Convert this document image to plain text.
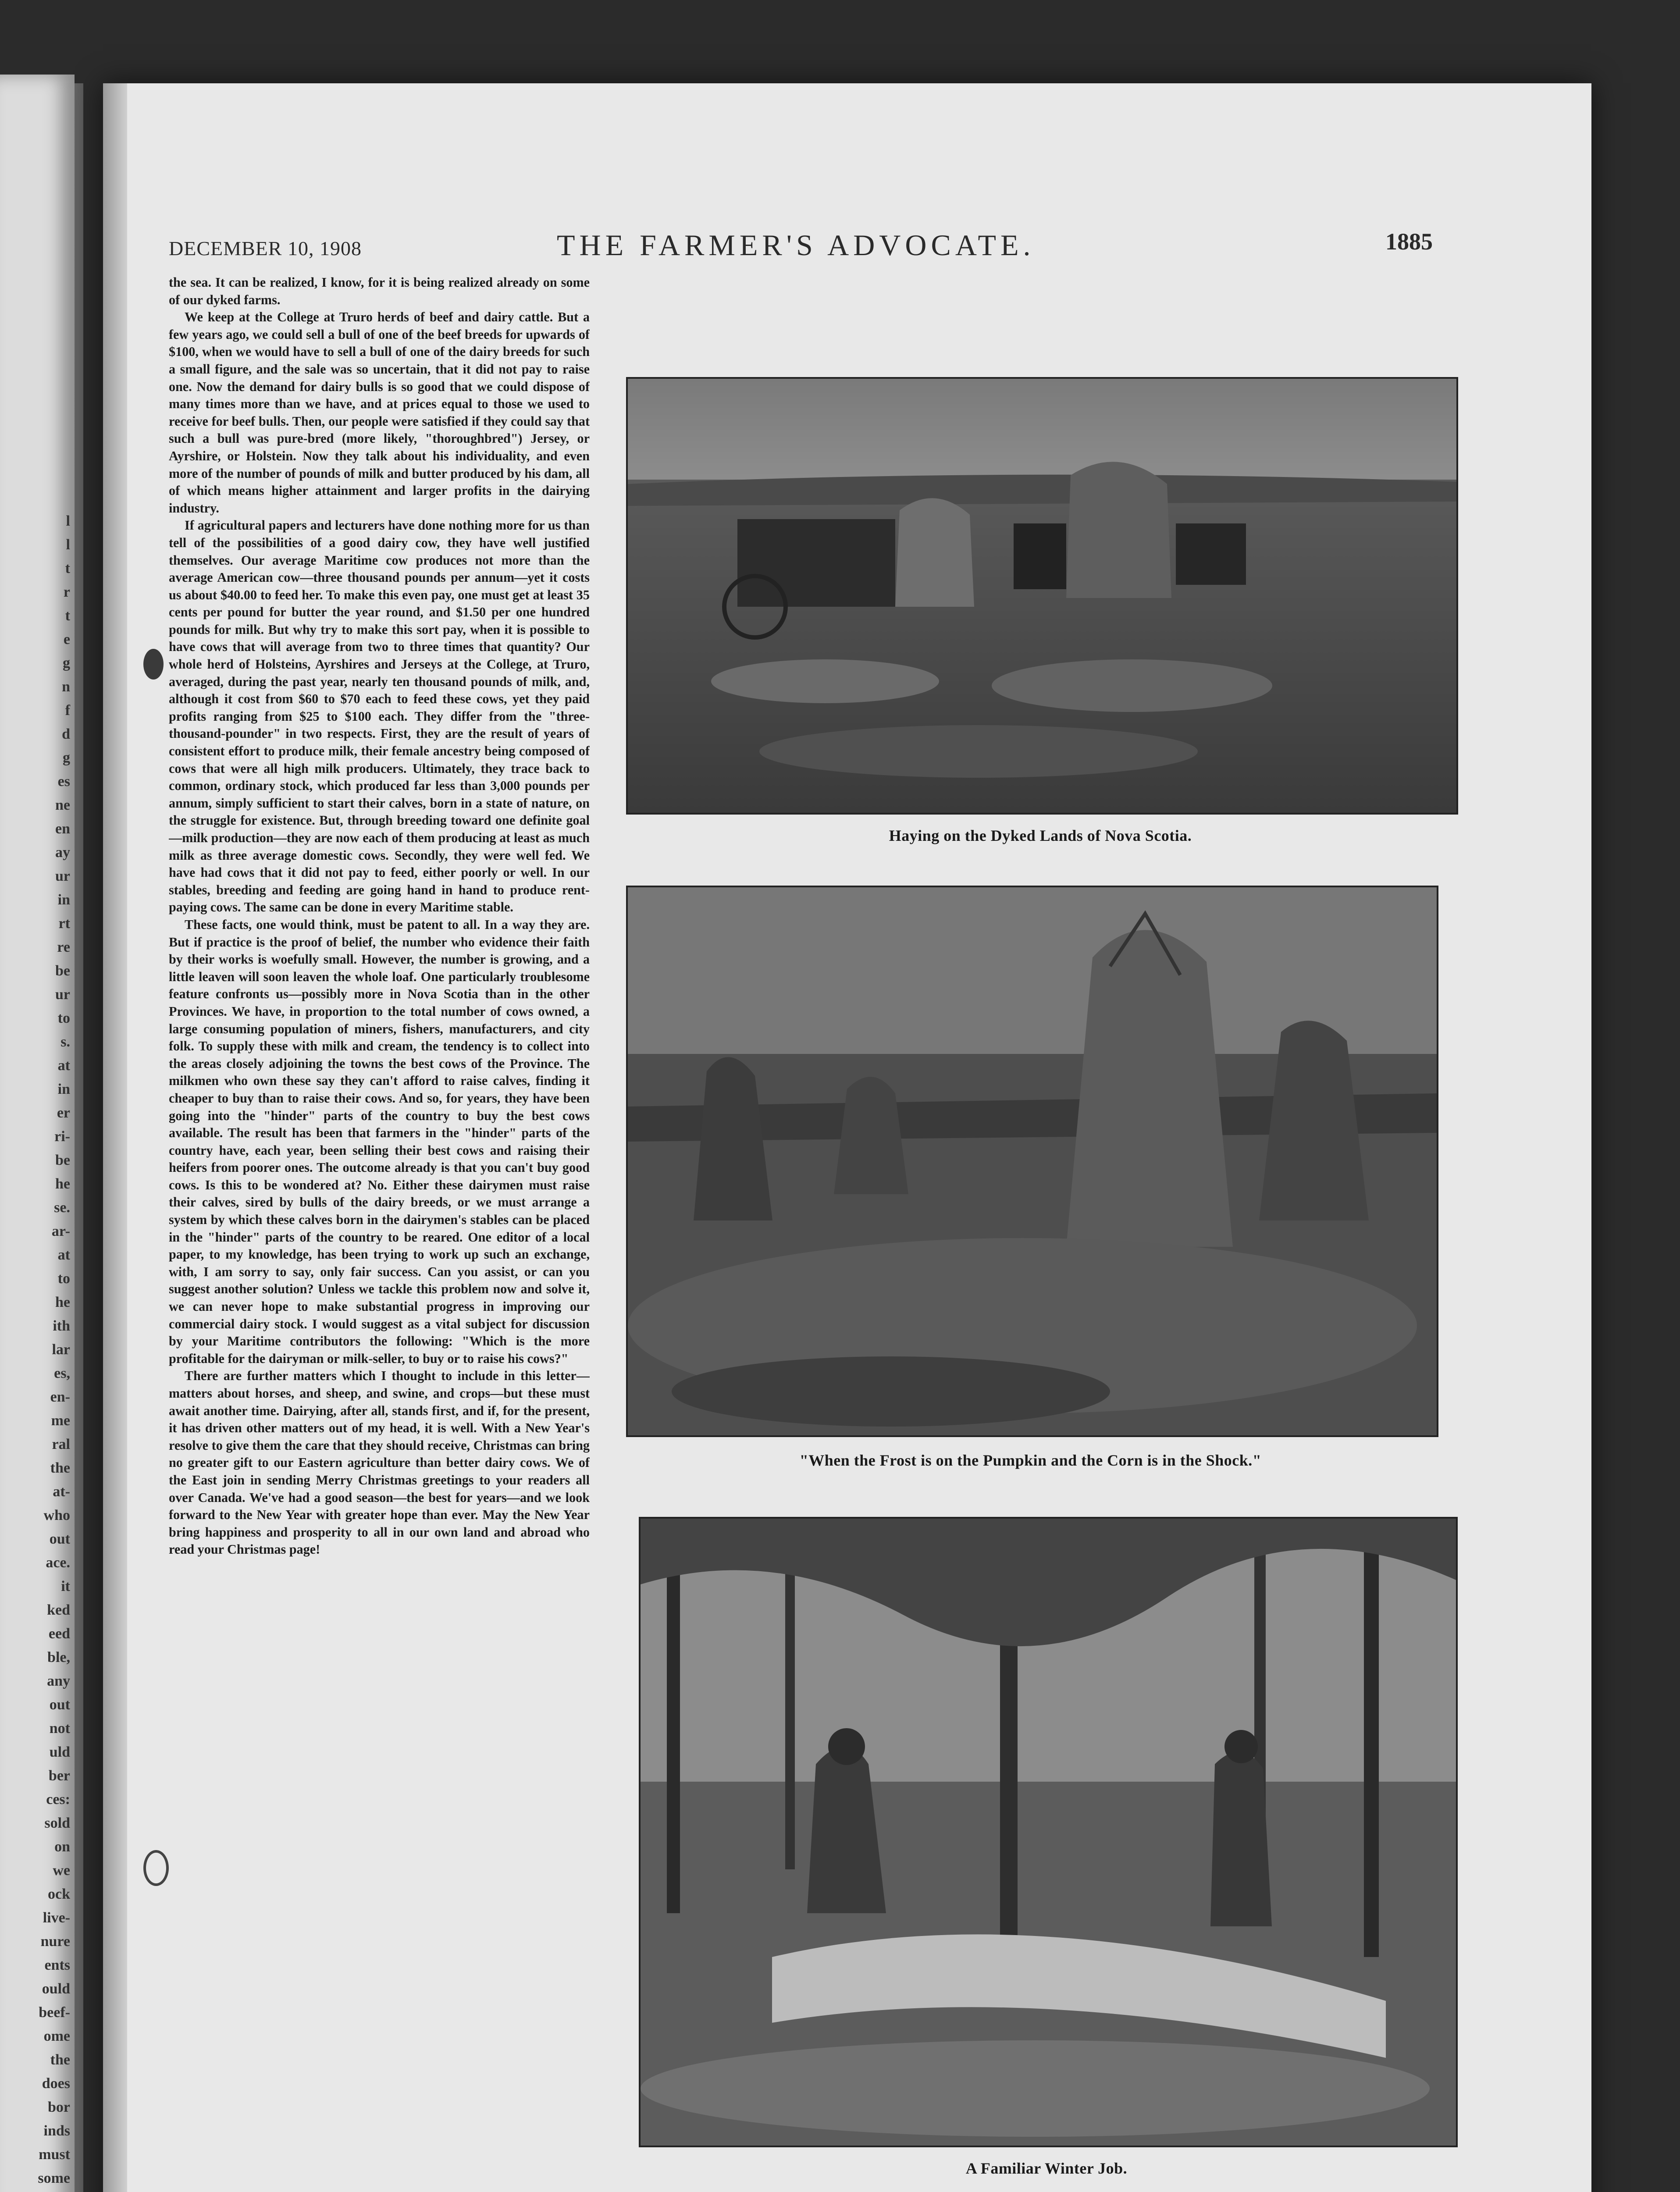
l
l
t
r
t
e
g
n
f
d
g
es
ne
en
ay
ur
in
rt
re
be
ur
to
s.
at
in
er
ri-
be
he
se.
ar-
at
to
he
ith
lar
es,
en-
me
ral
the
at-
who
out
ace.
it
ked
eed
ble,
any
out
not
uld
ber
ces:
sold
on
we
ock
live-
nure
ents
ould
beef-
ome
the
does
bor
inds
must
some
DECEMBER 10, 1908	THE FARMER'S ADVOCATE.	1885

the sea. It can be realized, I know, for it is being realized already on some of our dyked farms.

We keep at the College at Truro herds of beef and dairy cattle. But a few years ago, we could sell a bull of one of the beef breeds for upwards of $100, when we would have to sell a bull of one of the dairy breeds for such a small figure, and the sale was so uncertain, that it did not pay to raise one. Now the demand for dairy bulls is so good that we could dispose of many times more than we have, and at prices equal to those we used to receive for beef bulls. Then, our people were satisfied if they could say that such a bull was pure-bred (more likely, "thoroughbred") Jersey, or Ayrshire, or Holstein. Now they talk about his individuality, and even more of the number of pounds of milk and butter produced by his dam, all of which means higher attainment and larger profits in the dairying industry.

If agricultural papers and lecturers have done nothing more for us than tell of the possibilities of a good dairy cow, they have well justified themselves. Our average Maritime cow produces not more than the average American cow—three thousand pounds per annum—yet it costs us about $40.00 to feed her. To make this even pay, one must get at least 35 cents per pound for butter the year round, and $1.50 per one hundred pounds for milk. But why try to make this sort pay, when it is possible to have cows that will average from two to three times that quantity? Our whole herd of Holsteins, Ayrshires and Jerseys at the College, at Truro, averaged, during the past year, nearly ten thousand pounds of milk, and, although it cost from $60 to $70 each to feed these cows, yet they paid profits ranging from $25 to $100 each. They differ from the "three-thousand-pounder" in two respects. First, they are the result of years of consistent effort to produce milk, their female ancestry being composed of cows that were all high milk producers. Ultimately, they trace back to common, ordinary stock, which produced far less than 3,000 pounds per annum, simply sufficient to start their calves, born in a state of nature, on the struggle for existence. But, through breeding toward one definite goal—milk production—they are now each of them producing at least as much milk as three average domestic cows. Secondly, they were well fed. We have had cows that it did not pay to feed, either poorly or well. In our stables, breeding and feeding are going hand in hand to produce rent-paying cows. The same can be done in every Maritime stable.

These facts, one would think, must be patent to all. In a way they are. But if practice is the proof of belief, the number who evidence their faith by their works is woefully small. However, the number is growing, and a little leaven will soon leaven the whole loaf. One particularly troublesome feature confronts us—possibly more in Nova Scotia than in the other Provinces. We have, in proportion to the total number of cows owned, a large consuming population of miners, fishers, manufacturers, and city folk. To supply these with milk and cream, the tendency is to collect into the areas closely adjoining the towns the best cows of the Province. The milkmen who own these say they can't afford to raise calves, finding it cheaper to buy than to raise their cows. And so, for years, they have been going into the "hinder" parts of the country to buy the best cows available. The result has been that farmers in the "hinder" parts of the country have, each year, been selling their best cows and raising their heifers from poorer ones. The outcome already is that you can't buy good cows. Is this to be wondered at? No. Either these dairymen must raise their calves, sired by bulls of the dairy breeds, or we must arrange a system by which these calves born in the dairymen's stables can be placed in the "hinder" parts of the country to be reared. One editor of a local paper, to my knowledge, has been trying to work up such an exchange, with, I am sorry to say, only fair success. Can you assist, or can you suggest another solution? Unless we tackle this problem now and solve it, we can never hope to make substantial progress in improving our commercial dairy stock. I would suggest as a vital subject for discussion by your Maritime contributors the following: "Which is the more profitable for the dairyman or milk-seller, to buy or to raise his cows?"

There are further matters which I thought to include in this letter—matters about horses, and sheep, and swine, and crops—but these must await another time. Dairying, after all, stands first, and if, for the present, it has driven other matters out of my head, it is well. With a New Year's resolve to give them the care that they should receive, Christmas can bring no greater gift to our Eastern agriculture than better dairy cows. We of the East join in sending Merry Christmas greetings to your readers all over Canada. We've had a good season—the best for years—and we look forward to the New Year with greater hope than ever. May the New Year bring happiness and prosperity to all in our own land and abroad who read your Christmas page!

Haying on the Dyked Lands of Nova Scotia.
"When the Frost is on the Pumpkin and the Corn is in the Shock."
A Familiar Winter Job.
